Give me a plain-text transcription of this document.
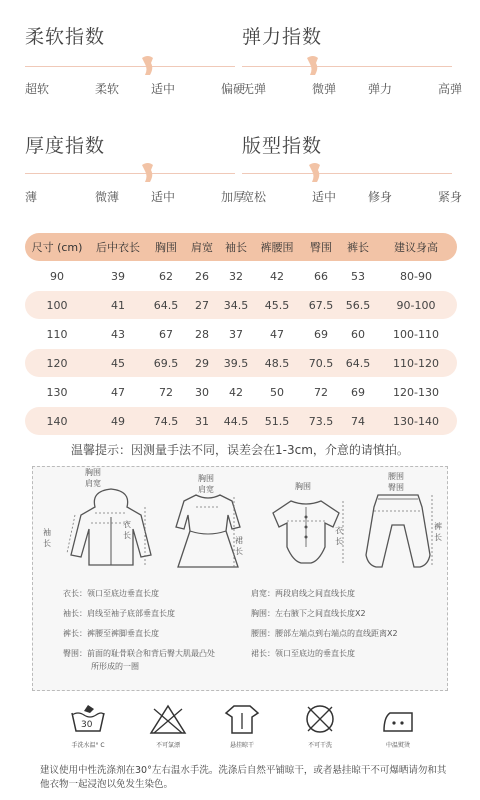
柔软指数
超软	柔软	适中	偏硬
弹力指数
无弹	微弹	弹力	高弹
厚度指数
薄	微薄	适中	加厚
版型指数
宽松	适中	修身	紧身
尺寸 (cm)	后中衣长	胸围	肩宽	袖长	裤腰围	臀围	裤长	建议身高
90	39	62	26	32	42	66	53	80-90
100	41	64.5	27	34.5	45.5	67.5	56.5	90-100
110	43	67	28	37	47	69	60	100-110
120	45	69.5	29	39.5	48.5	70.5	64.5	110-120
130	47	72	30	42	50	72	69	120-130
140	49	74.5	31	44.5	51.5	73.5	74	130-140
温馨提示：因测量手法不同，误差会在1-3cm，介意的请慎拍。
胸围
肩宽
衣长
袖长
胸围
肩宽
裙长
胸围
衣长
腰围
臀围
裤长
衣长：领口至底边垂直长度
袖长：肩线至袖子底部垂直长度
裤长：裤腰至裤脚垂直长度
臀围：前面的耻骨联合和背后臀大肌最凸处
所形成的一圈
肩宽：两段肩线之间直线长度
胸围：左右腋下之间直线长度X2
腰围：腰部左端点到右端点的直线距离X2
裙长：领口至底边的垂直长度
30
手洗水温° C	不可氯漂	悬挂晾干	不可干洗	中温熨烫
建议使用中性洗涤剂在30°左右温水手洗。洗涤后自然平铺晾干，或者悬挂晾干不可爆晒请勿和其他衣物一起浸泡以免发生染色。
